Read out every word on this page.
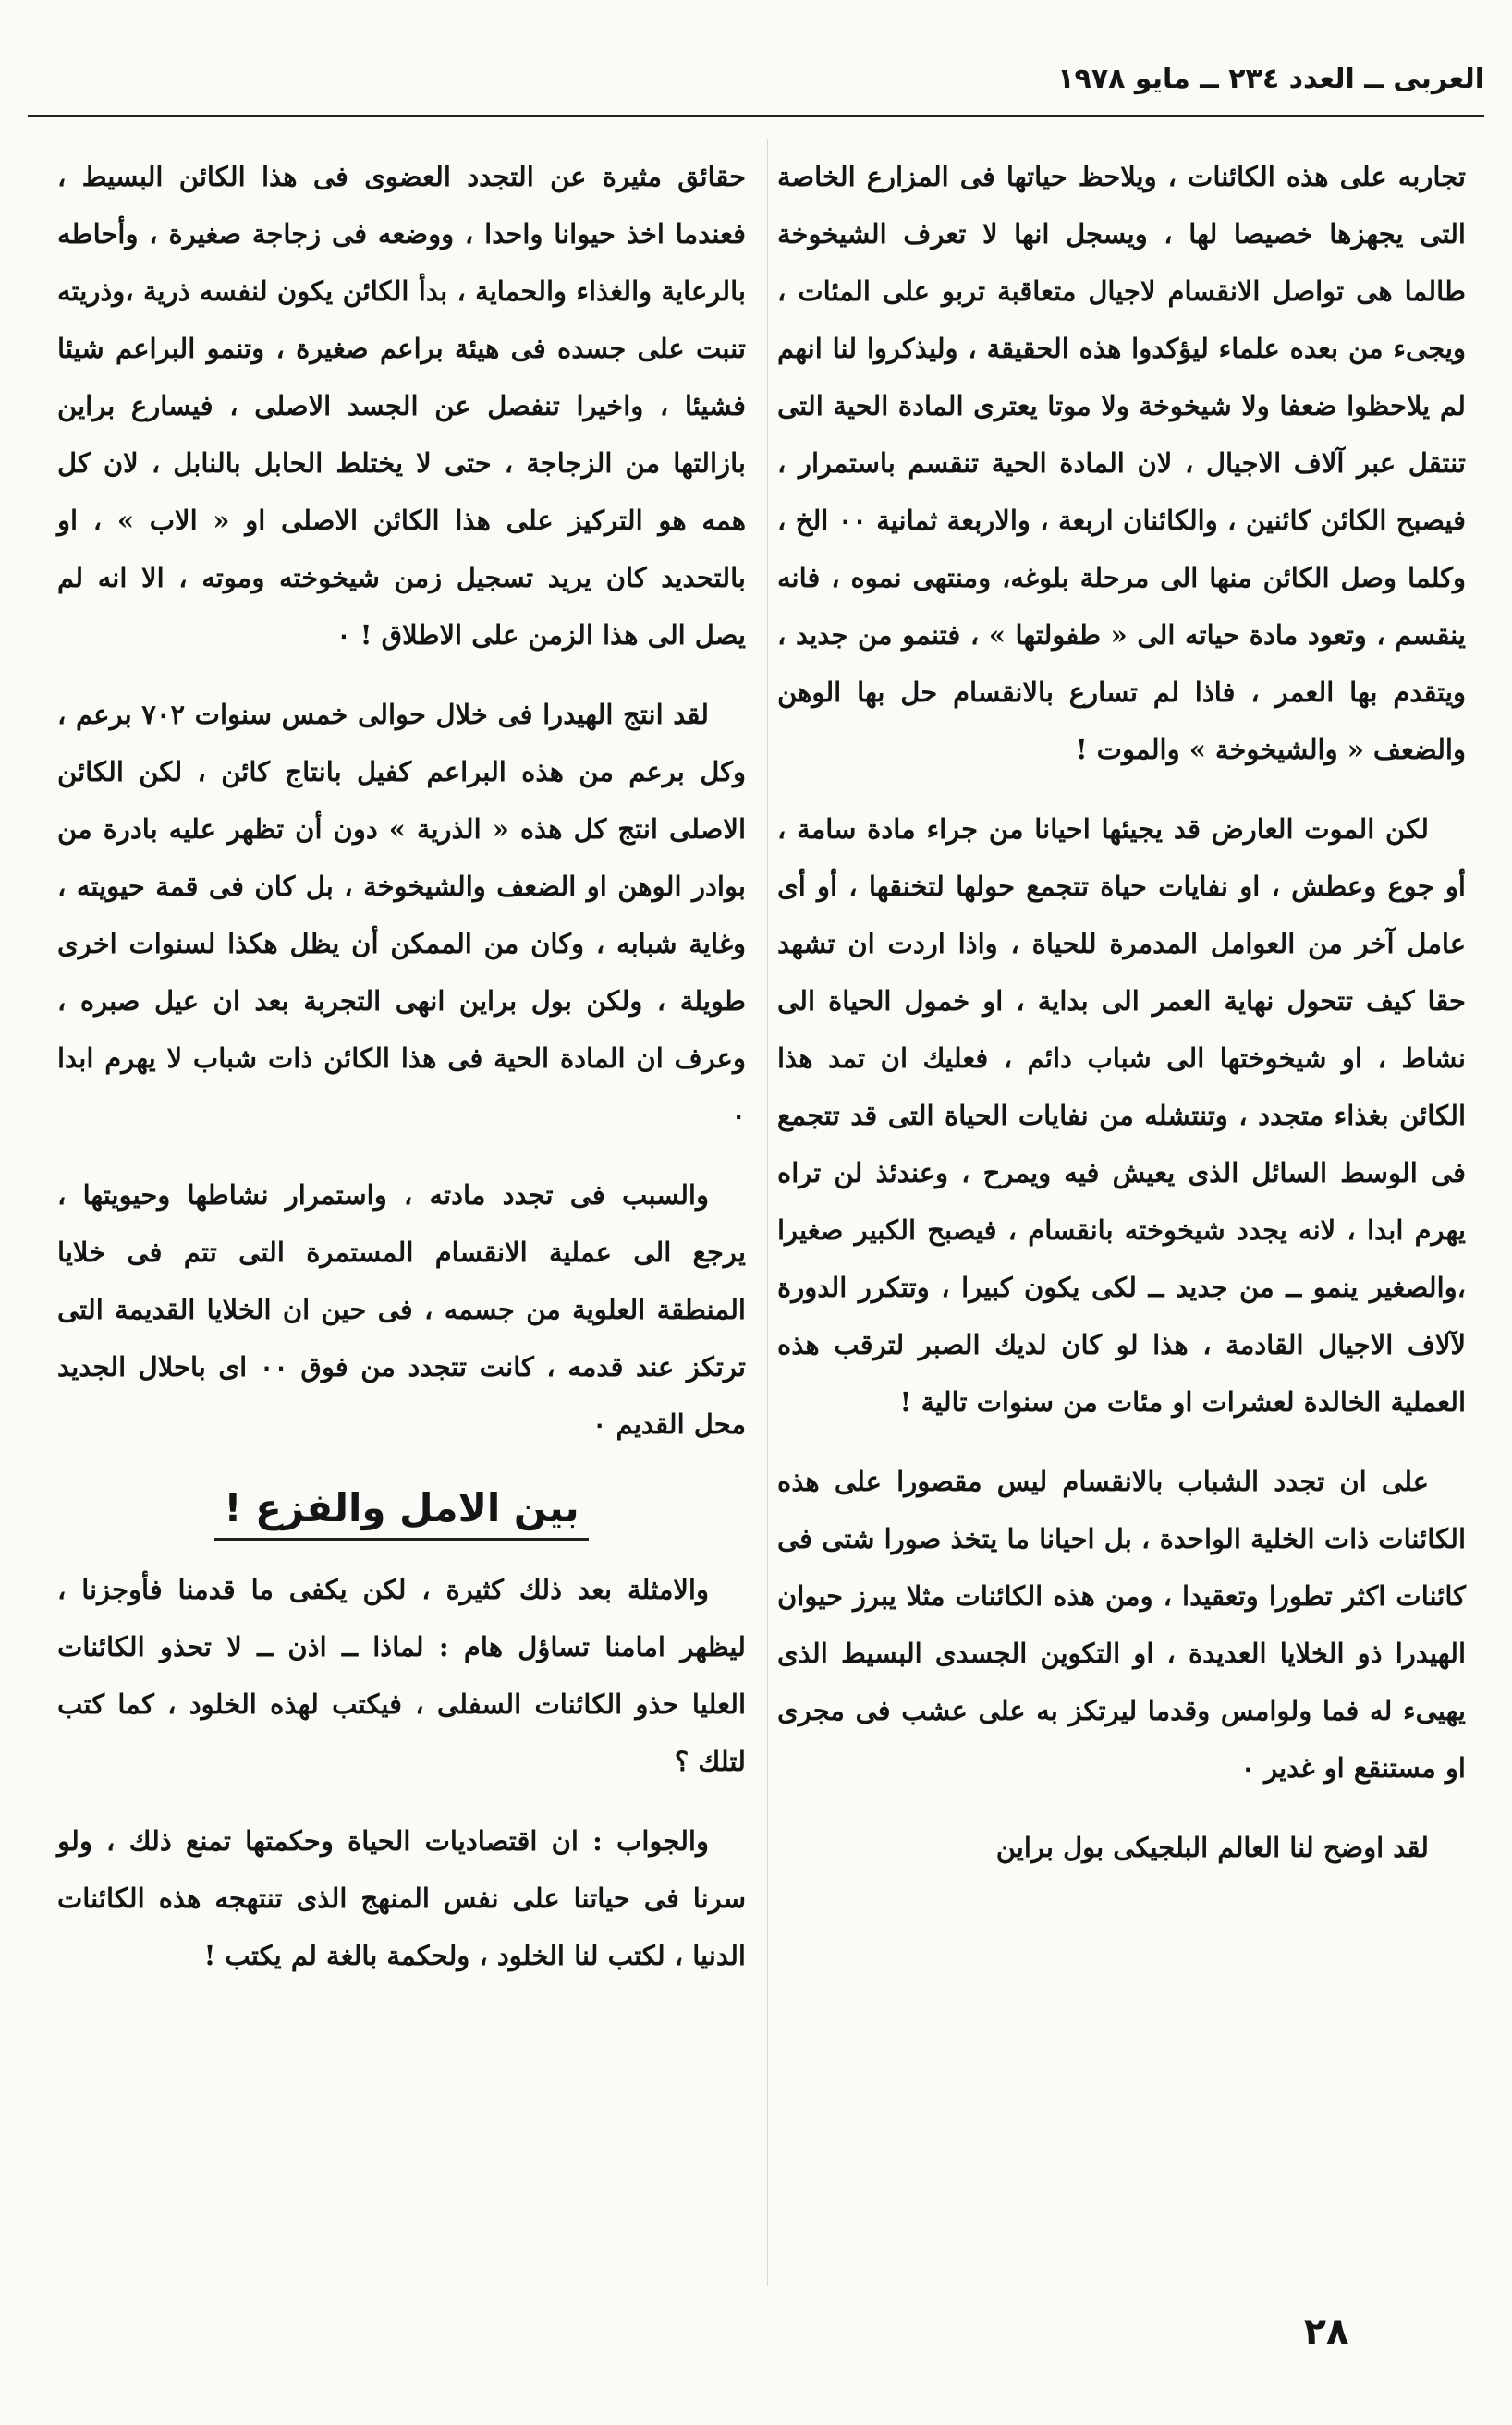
العربى ــ العدد ٢٣٤ ــ مايو ١٩٧٨

تجاربه على هذه الكائنات ، ويلاحظ حياتها فى المزارع الخاصة التى يجهزها خصيصا لها ، ويسجل انها لا تعرف الشيخوخة طالما هى تواصل الانقسام لاجيال متعاقبة تربو على المئات ، ويجىء من بعده علماء ليؤكدوا هذه الحقيقة ، وليذكروا لنا انهم لم يلاحظوا ضعفا ولا شيخوخة ولا موتا يعترى المادة الحية التى تنتقل عبر آلاف الاجيال ، لان المادة الحية تنقسم باستمرار ، فيصبح الكائن كائنين ، والكائنان اربعة ، والاربعة ثمانية ٠٠ الخ ، وكلما وصل الكائن منها الى مرحلة بلوغه، ومنتهى نموه ، فانه ينقسم ، وتعود مادة حياته الى « طفولتها » ، فتنمو من جديد ، ويتقدم بها العمر ، فاذا لم تسارع بالانقسام حل بها الوهن والضعف « والشيخوخة » والموت !

لكن الموت العارض قد يجيئها احيانا من جراء مادة سامة ، أو جوع وعطش ، او نفايات حياة تتجمع حولها لتخنقها ، أو أى عامل آخر من العوامل المدمرة للحياة ، واذا اردت ان تشهد حقا كيف تتحول نهاية العمر الى بداية ، او خمول الحياة الى نشاط ، او شيخوختها الى شباب دائم ، فعليك ان تمد هذا الكائن بغذاء متجدد ، وتنتشله من نفايات الحياة التى قد تتجمع فى الوسط السائل الذى يعيش فيه ويمرح ، وعندئذ لن تراه يهرم ابدا ، لانه يجدد شيخوخته بانقسام ، فيصبح الكبير صغيرا ،والصغير ينمو ــ من جديد ــ لكى يكون كبيرا ، وتتكرر الدورة لآلاف الاجيال القادمة ، هذا لو كان لديك الصبر لترقب هذه العملية الخالدة لعشرات او مئات من سنوات تالية !

على ان تجدد الشباب بالانقسام ليس مقصورا على هذه الكائنات ذات الخلية الواحدة ، بل احيانا ما يتخذ صورا شتى فى كائنات اكثر تطورا وتعقيدا ، ومن هذه الكائنات مثلا يبرز حيوان الهيدرا ذو الخلايا العديدة ، او التكوين الجسدى البسيط الذى يهيىء له فما ولوامس وقدما ليرتكز به على عشب فى مجرى او مستنقع او غدير ٠

لقد اوضح لنا العالم البلجيكى بول براين

حقائق مثيرة عن التجدد العضوى فى هذا الكائن البسيط ، فعندما اخذ حيوانا واحدا ، ووضعه فى زجاجة صغيرة ، وأحاطه بالرعاية والغذاء والحماية ، بدأ الكائن يكون لنفسه ذرية ،وذريته تنبت على جسده فى هيئة براعم صغيرة ، وتنمو البراعم شيئا فشيئا ، واخيرا تنفصل عن الجسد الاصلى ، فيسارع براين بازالتها من الزجاجة ، حتى لا يختلط الحابل بالنابل ، لان كل همه هو التركيز على هذا الكائن الاصلى او « الاب » ، او بالتحديد كان يريد تسجيل زمن شيخوخته وموته ، الا انه لم يصل الى هذا الزمن على الاطلاق ! ٠

لقد انتج الهيدرا فى خلال حوالى خمس سنوات ٧٠٢ برعم ، وكل برعم من هذه البراعم كفيل بانتاج كائن ، لكن الكائن الاصلى انتج كل هذه « الذرية » دون أن تظهر عليه بادرة من بوادر الوهن او الضعف والشيخوخة ، بل كان فى قمة حيويته ، وغاية شبابه ، وكان من الممكن أن يظل هكذا لسنوات اخرى طويلة ، ولكن بول براين انهى التجربة بعد ان عيل صبره ، وعرف ان المادة الحية فى هذا الكائن ذات شباب لا يهرم ابدا ٠

والسبب فى تجدد مادته ، واستمرار نشاطها وحيويتها ، يرجع الى عملية الانقسام المستمرة التى تتم فى خلايا المنطقة العلوية من جسمه ، فى حين ان الخلايا القديمة التى ترتكز عند قدمه ، كانت تتجدد من فوق ٠٠ اى باحلال الجديد محل القديم ٠

بين الامل والفزع !

والامثلة بعد ذلك كثيرة ، لكن يكفى ما قدمنا فأوجزنا ، ليظهر امامنا تساؤل هام : لماذا ــ اذن ــ لا تحذو الكائنات العليا حذو الكائنات السفلى ، فيكتب لهذه الخلود ، كما كتب لتلك ؟

والجواب : ان اقتصاديات الحياة وحكمتها تمنع ذلك ، ولو سرنا فى حياتنا على نفس المنهج الذى تنتهجه هذه الكائنات الدنيا ، لكتب لنا الخلود ، ولحكمة بالغة لم يكتب !

٢٨
